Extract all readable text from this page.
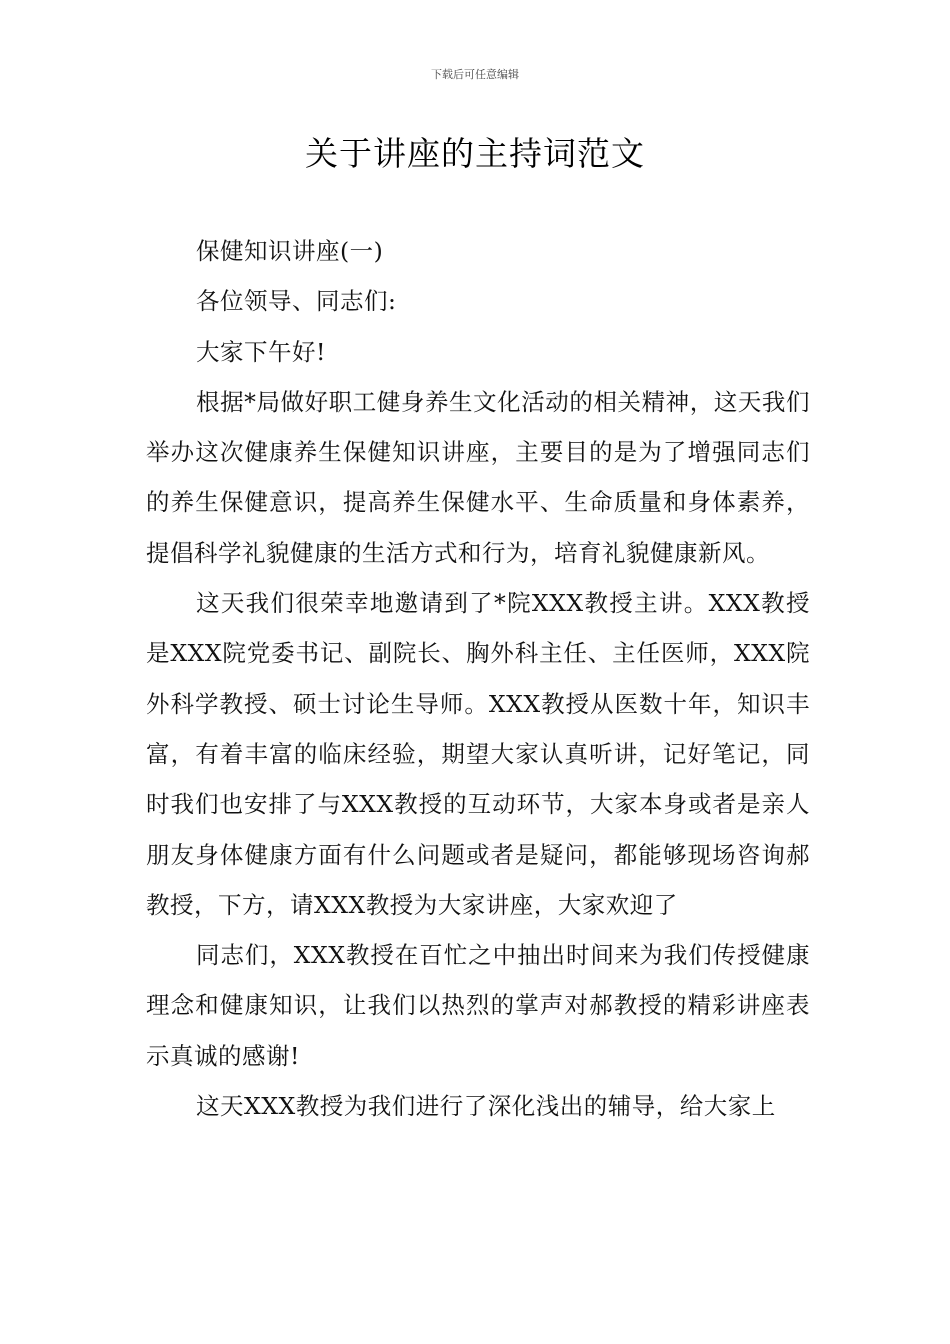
下载后可任意编辑
关于讲座的主持词范文

保健知识讲座(一)

各位领导、同志们:

大家下午好!

根据*局做好职工健身养生文化活动的相关精神，这天我们举办这次健康养生保健知识讲座，主要目的是为了增强同志们的养生保健意识，提高养生保健水平、生命质量和身体素养，提倡科学礼貌健康的生活方式和行为，培育礼貌健康新风。

这天我们很荣幸地邀请到了*院XXX教授主讲。XXX教授是XXX院党委书记、副院长、胸外科主任、主任医师，XXX院外科学教授、硕士讨论生导师。XXX教授从医数十年，知识丰富，有着丰富的临床经验，期望大家认真听讲，记好笔记，同时我们也安排了与XXX教授的互动环节，大家本身或者是亲人朋友身体健康方面有什么问题或者是疑问，都能够现场咨询郝教授，下方，请XXX教授为大家讲座，大家欢迎了

同志们，XXX教授在百忙之中抽出时间来为我们传授健康理念和健康知识，让我们以热烈的掌声对郝教授的精彩讲座表示真诚的感谢!

这天XXX教授为我们进行了深化浅出的辅导，给大家上
